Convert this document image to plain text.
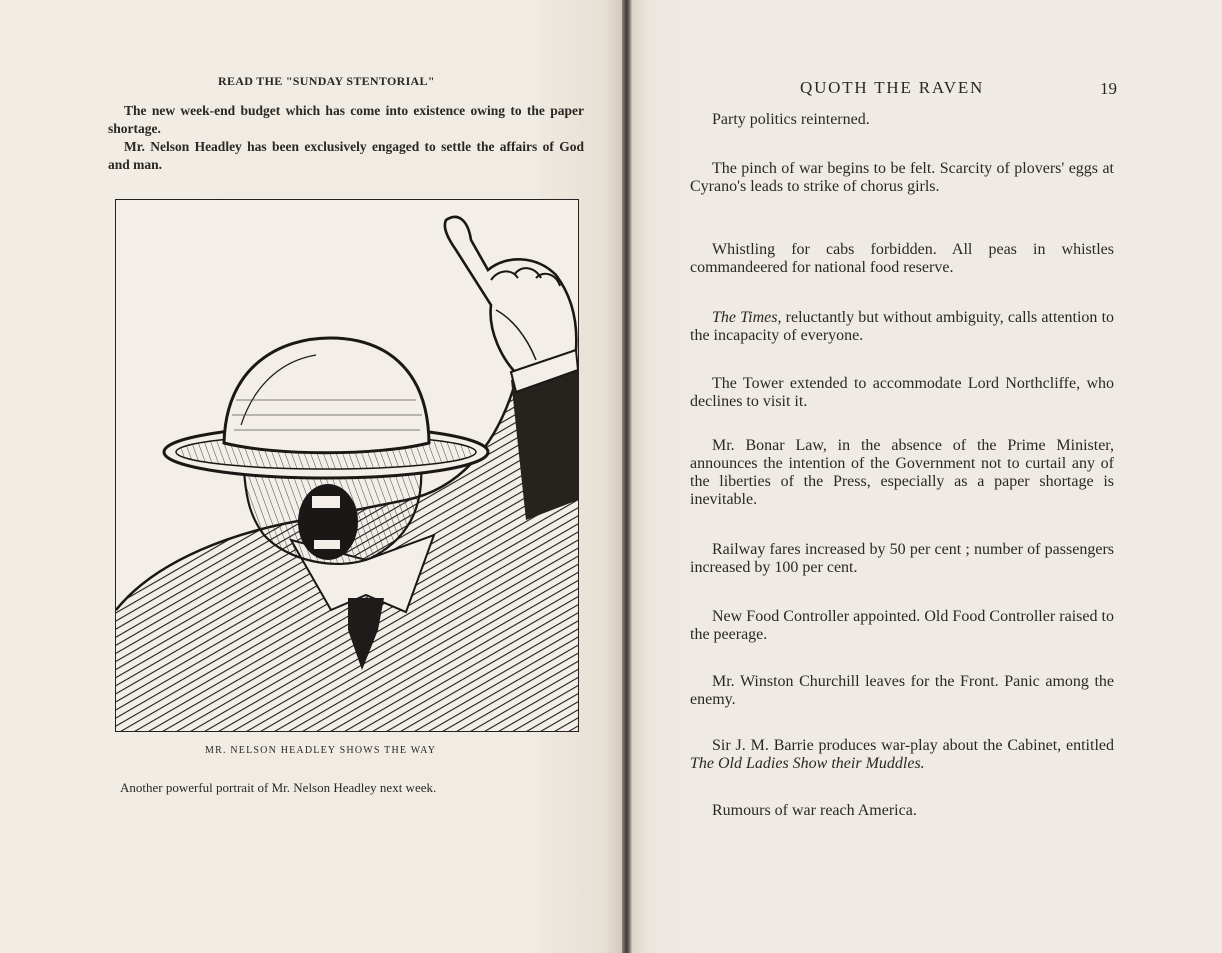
READ THE "SUNDAY STENTORIAL"

The new week-end budget which has come into existence owing to the paper shortage.

Mr. Nelson Headley has been exclusively engaged to settle the affairs of God and man.

MR. NELSON HEADLEY SHOWS THE WAY
Another powerful portrait of Mr. Nelson Headley next week.
QUOTH THE RAVEN	19
Party politics reinterned.
The pinch of war begins to be felt. Scarcity of plovers' eggs at Cyrano's leads to strike of chorus girls.
Whistling for cabs forbidden. All peas in whistles commandeered for national food reserve.
The Times, reluctantly but without ambiguity, calls attention to the incapacity of everyone.
The Tower extended to accommodate Lord Northcliffe, who declines to visit it.
Mr. Bonar Law, in the absence of the Prime Minister, announces the intention of the Government not to curtail any of the liberties of the Press, especially as a paper shortage is inevitable.
Railway fares increased by 50 per cent ; number of passengers increased by 100 per cent.
New Food Controller appointed. Old Food Controller raised to the peerage.
Mr. Winston Churchill leaves for the Front. Panic among the enemy.
Sir J. M. Barrie produces war-play about the Cabinet, entitled The Old Ladies Show their Muddles.
Rumours of war reach America.
